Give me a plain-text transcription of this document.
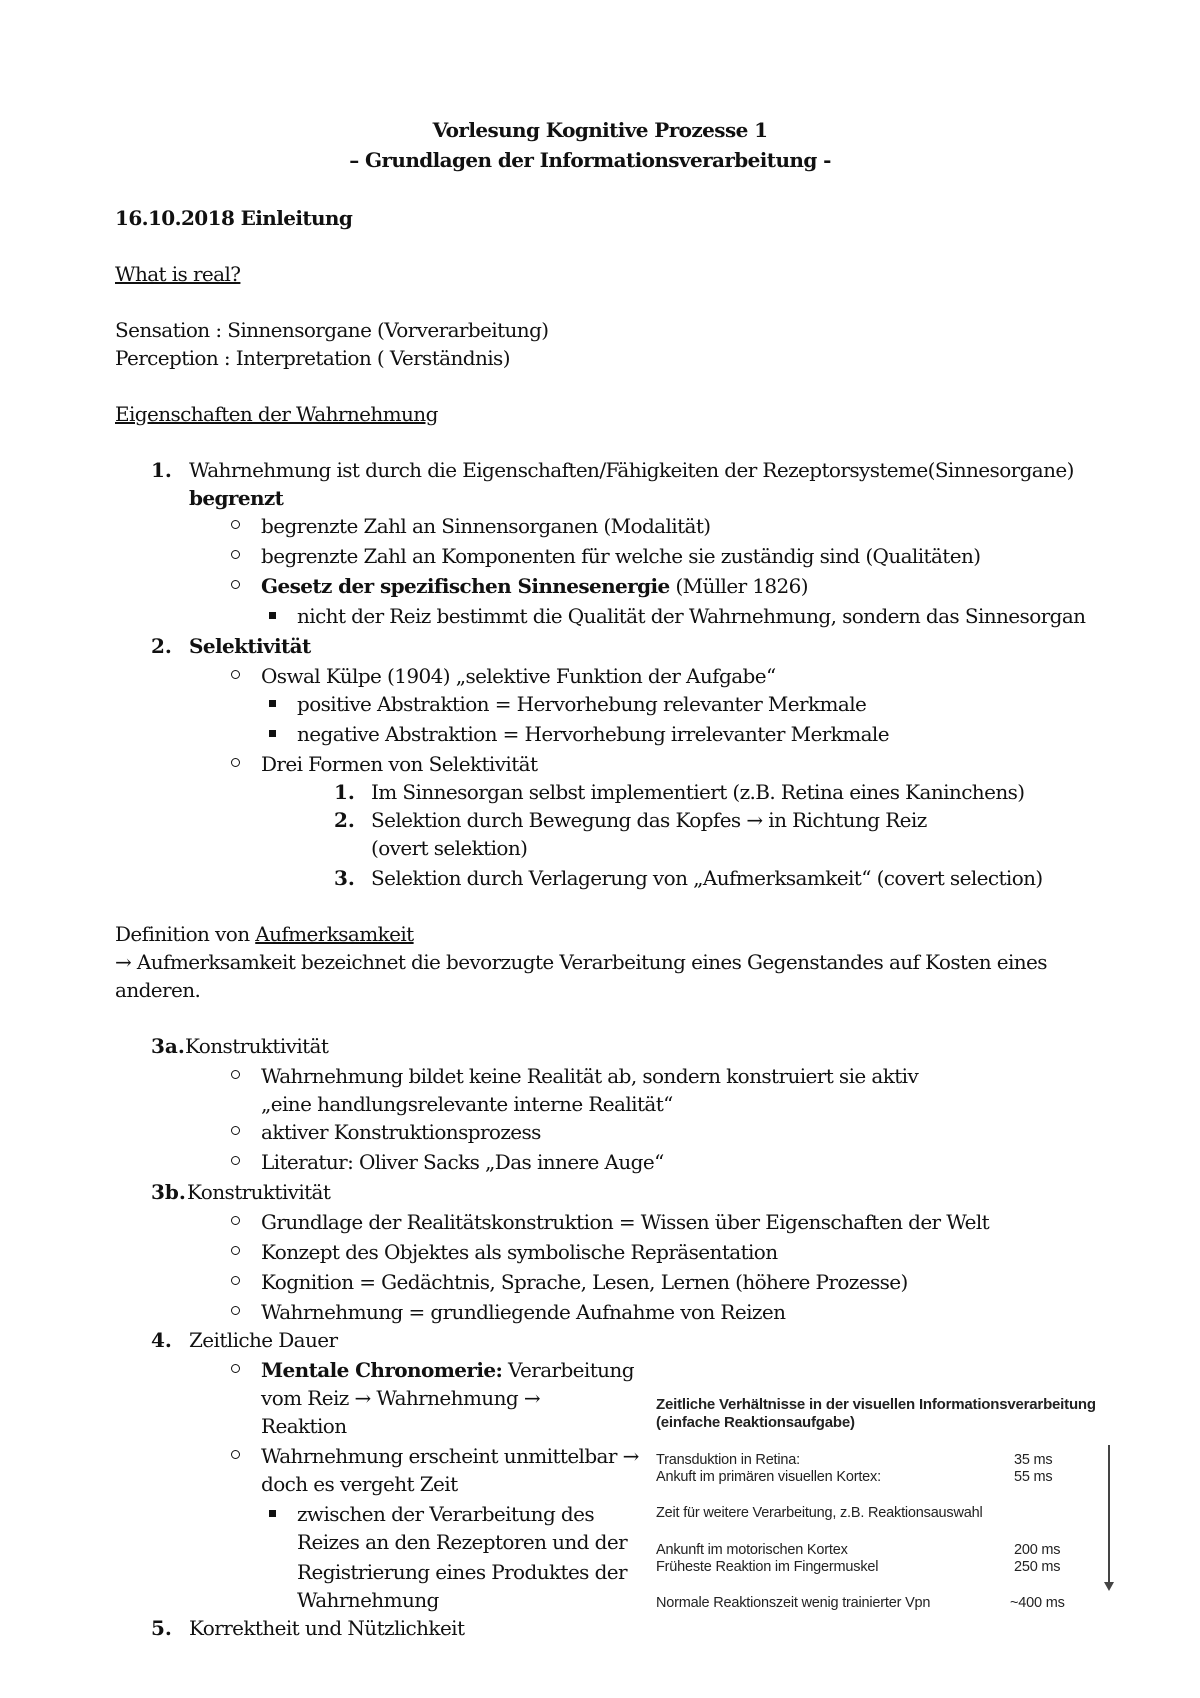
Vorlesung Kognitive Prozesse 1
– Grundlagen der Informationsverarbeitung -
16.10.2018 Einleitung
What is real?
Sensation : Sinnensorgane (Vorverarbeitung)
Perception : Interpretation ( Verständnis)
Eigenschaften der Wahrnehmung
1. Wahrnehmung ist durch die Eigenschaften/Fähigkeiten der Rezeptorsysteme(Sinnesorgane)
begrenzt
begrenzte Zahl an Sinnensorganen (Modalität)
begrenzte Zahl an Komponenten für welche sie zuständig sind (Qualitäten)
Gesetz der spezifischen Sinnesenergie (Müller 1826)
nicht der Reiz bestimmt die Qualität der Wahrnehmung, sondern das Sinnesorgan
2. Selektivität
Oswal Külpe (1904) „selektive Funktion der Aufgabe“
positive Abstraktion = Hervorhebung relevanter Merkmale
negative Abstraktion = Hervorhebung irrelevanter Merkmale
Drei Formen von Selektivität
1. Im Sinnesorgan selbst implementiert (z.B. Retina eines Kaninchens)
2. Selektion durch Bewegung das Kopfes → in Richtung Reiz
(overt selektion)
3. Selektion durch Verlagerung von „Aufmerksamkeit“ (covert selection)
Definition von Aufmerksamkeit
→ Aufmerksamkeit bezeichnet die bevorzugte Verarbeitung eines Gegenstandes auf Kosten eines
anderen.
3a. Konstruktivität
Wahrnehmung bildet keine Realität ab, sondern konstruiert sie aktiv
„eine handlungsrelevante interne Realität“
aktiver Konstruktionsprozess
Literatur: Oliver Sacks „Das innere Auge“
3b. Konstruktivität
Grundlage der Realitätskonstruktion = Wissen über Eigenschaften der Welt
Konzept des Objektes als symbolische Repräsentation
Kognition = Gedächtnis, Sprache, Lesen, Lernen (höhere Prozesse)
Wahrnehmung = grundliegende Aufnahme von Reizen
4. Zeitliche Dauer
Mentale Chronomerie: Verarbeitung
vom Reiz → Wahrnehmung →
Reaktion
Wahrnehmung erscheint unmittelbar →
doch es vergeht Zeit
zwischen der Verarbeitung des
Reizes an den Rezeptoren und der
Registrierung eines Produktes der
Wahrnehmung
5. Korrektheit und Nützlichkeit
Zeitliche Verhältnisse in der visuellen Informationsverarbeitung
(einfache Reaktionsaufgabe)
Transduktion in Retina:	35 ms
Ankuft im primären visuellen Kortex:	55 ms
Zeit für weitere Verarbeitung, z.B. Reaktionsauswahl
Ankunft im motorischen Kortex	200 ms
Früheste Reaktion im Fingermuskel	250 ms
Normale Reaktionszeit wenig trainierter Vpn	~400 ms
